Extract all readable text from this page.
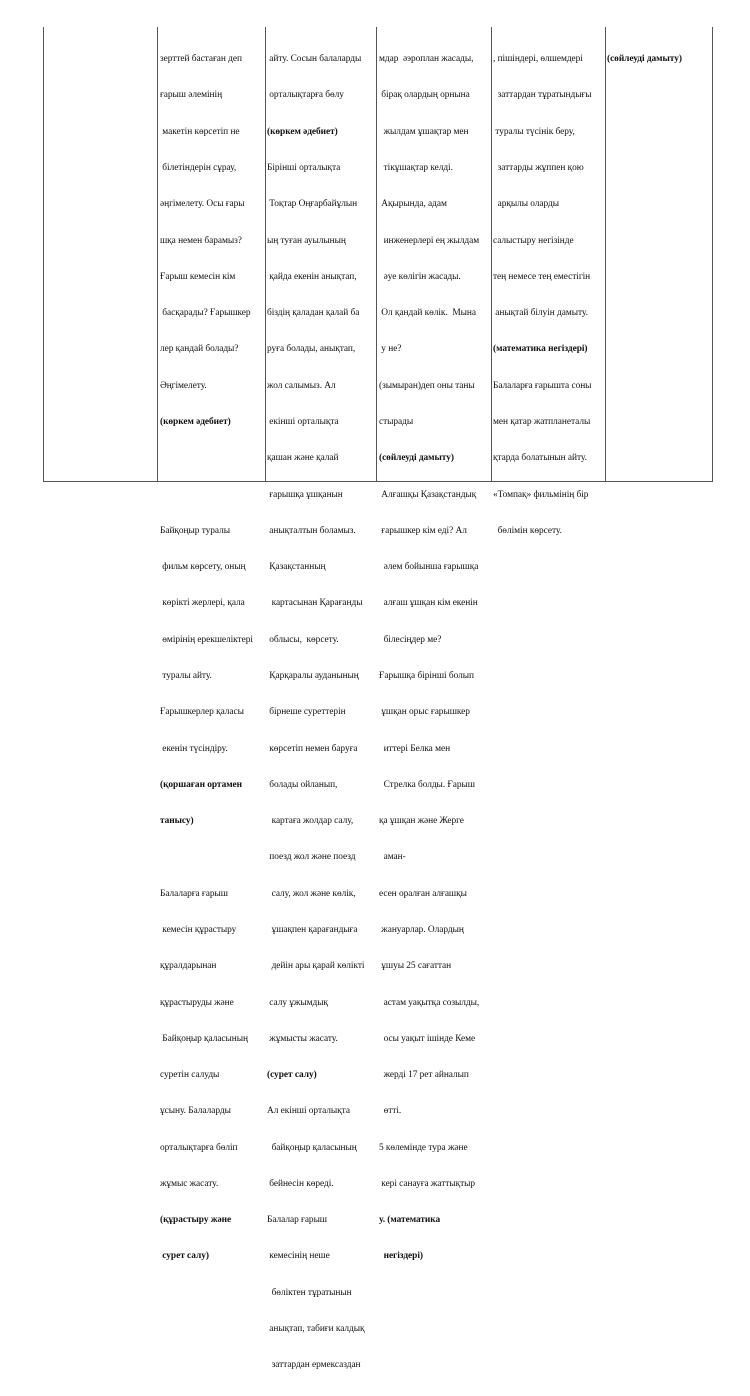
зерттей бастаған деп

ғарыш әлемінің

макетін көрсетіп не

білетіндерін сұрау,

әңгімелету. Осы ғары

шқа немен барамыз?

Ғарыш кемесін кім

басқарады? Ғарышкер

лер қандай болады?

Әңгімелету.

(көркем әдебиет)

Байқоңыр туралы

фильм көрсету, оның

көрікті жерлері, қала

өмірінің ерекшеліктері

туралы айту.

Ғарышкерлер қаласы

екенін түсіндіру.

(қоршаған ортамен

танысу)

Балаларға ғарыш

кемесін құрастыру

құралдарынан

құрастыруды және

Байқоңыр қаласының

суретін салуды

ұсыну. Балаларды

орталықтарға бөліп

жұмыс жасату.

(құрастыру және

сурет салу)

айту. Сосын балаларды

орталықтарға бөлу

(көркем әдебиет)

Бірінші орталықта

Тоқтар Оңғарбайұлын

ың туған ауылының

қайда екенін анықтап,

біздің қаладан қалай ба

руға болады, анықтап,

жол салымыз. Ал

екінші орталықта

қашан және қалай

ғарышқа ұшқанын

анықталтын боламыз.

Қазақстанның

картасынан Қарағанды

облысы,  көрсету.

Қарқаралы ауданының

бірнеше суреттерін

көрсетіп немен баруға

болады ойланып,

картаға жолдар салу,

поезд жол және поезд

салу, жол және көлік,

ұшақпен қарағандыға

дейін ары қарай көлікті

салу ұжымдық

жұмысты жасату.

(сурет салу)

Ал екінші орталықта

байқоңыр қаласының

бейнесін көреді.

Балалар ғарыш

кемесінің неше

бөліктен тұратынын

анықтап, табиғи калдық

заттардан ермексаздан

мдар  әэроплан жасады,

бірақ олардың орнына

жылдам ұшақтар мен

тікұшақтар келді.

Ақырында, адам

инженерлері ең жылдам

әуе көлігін жасады.

Ол қандай көлік.  Мына

у не?

(зымыран)деп оны таны

стырады

(сөйлеуді дамыту)

Алғашқы Қазақстандық

ғарышкер кім еді? Ал

әлем бойынша ғарышқа

алғаш ұшқан кім екенін

білесіңдер ме?

Ғарышқа бірінші болып

ұшқан орыс ғарышкер

иттері Белка мен

Стрелка болды. Ғарыш

қа ұшқан және Жерге

аман-

есен оралған алғашқы

жануарлар. Олардың

ұшуы 25 сағаттан

астам уақытқа созылды,

осы уақыт ішінде Кеме

жерді 17 рет айналып

өтті.

5 көлемінде тура және

кері санауға жаттықтыр

у. (математика

негіздері)

, пішіндері, өлшемдері

заттардан тұратындығы

туралы түсінік беру,

заттарды жұппен қою

арқылы оларды

салыстыру негізінде

тең немесе тең еместігін

анықтай білуін дамыту.

(математика негіздері)

Балаларға ғарышта соны

мен қатар жатпланеталы

қтарда болатынын айту.

«Томпақ» фильмінің бір

бөлімін көрсету.

(сөйлеуді дамыту)
